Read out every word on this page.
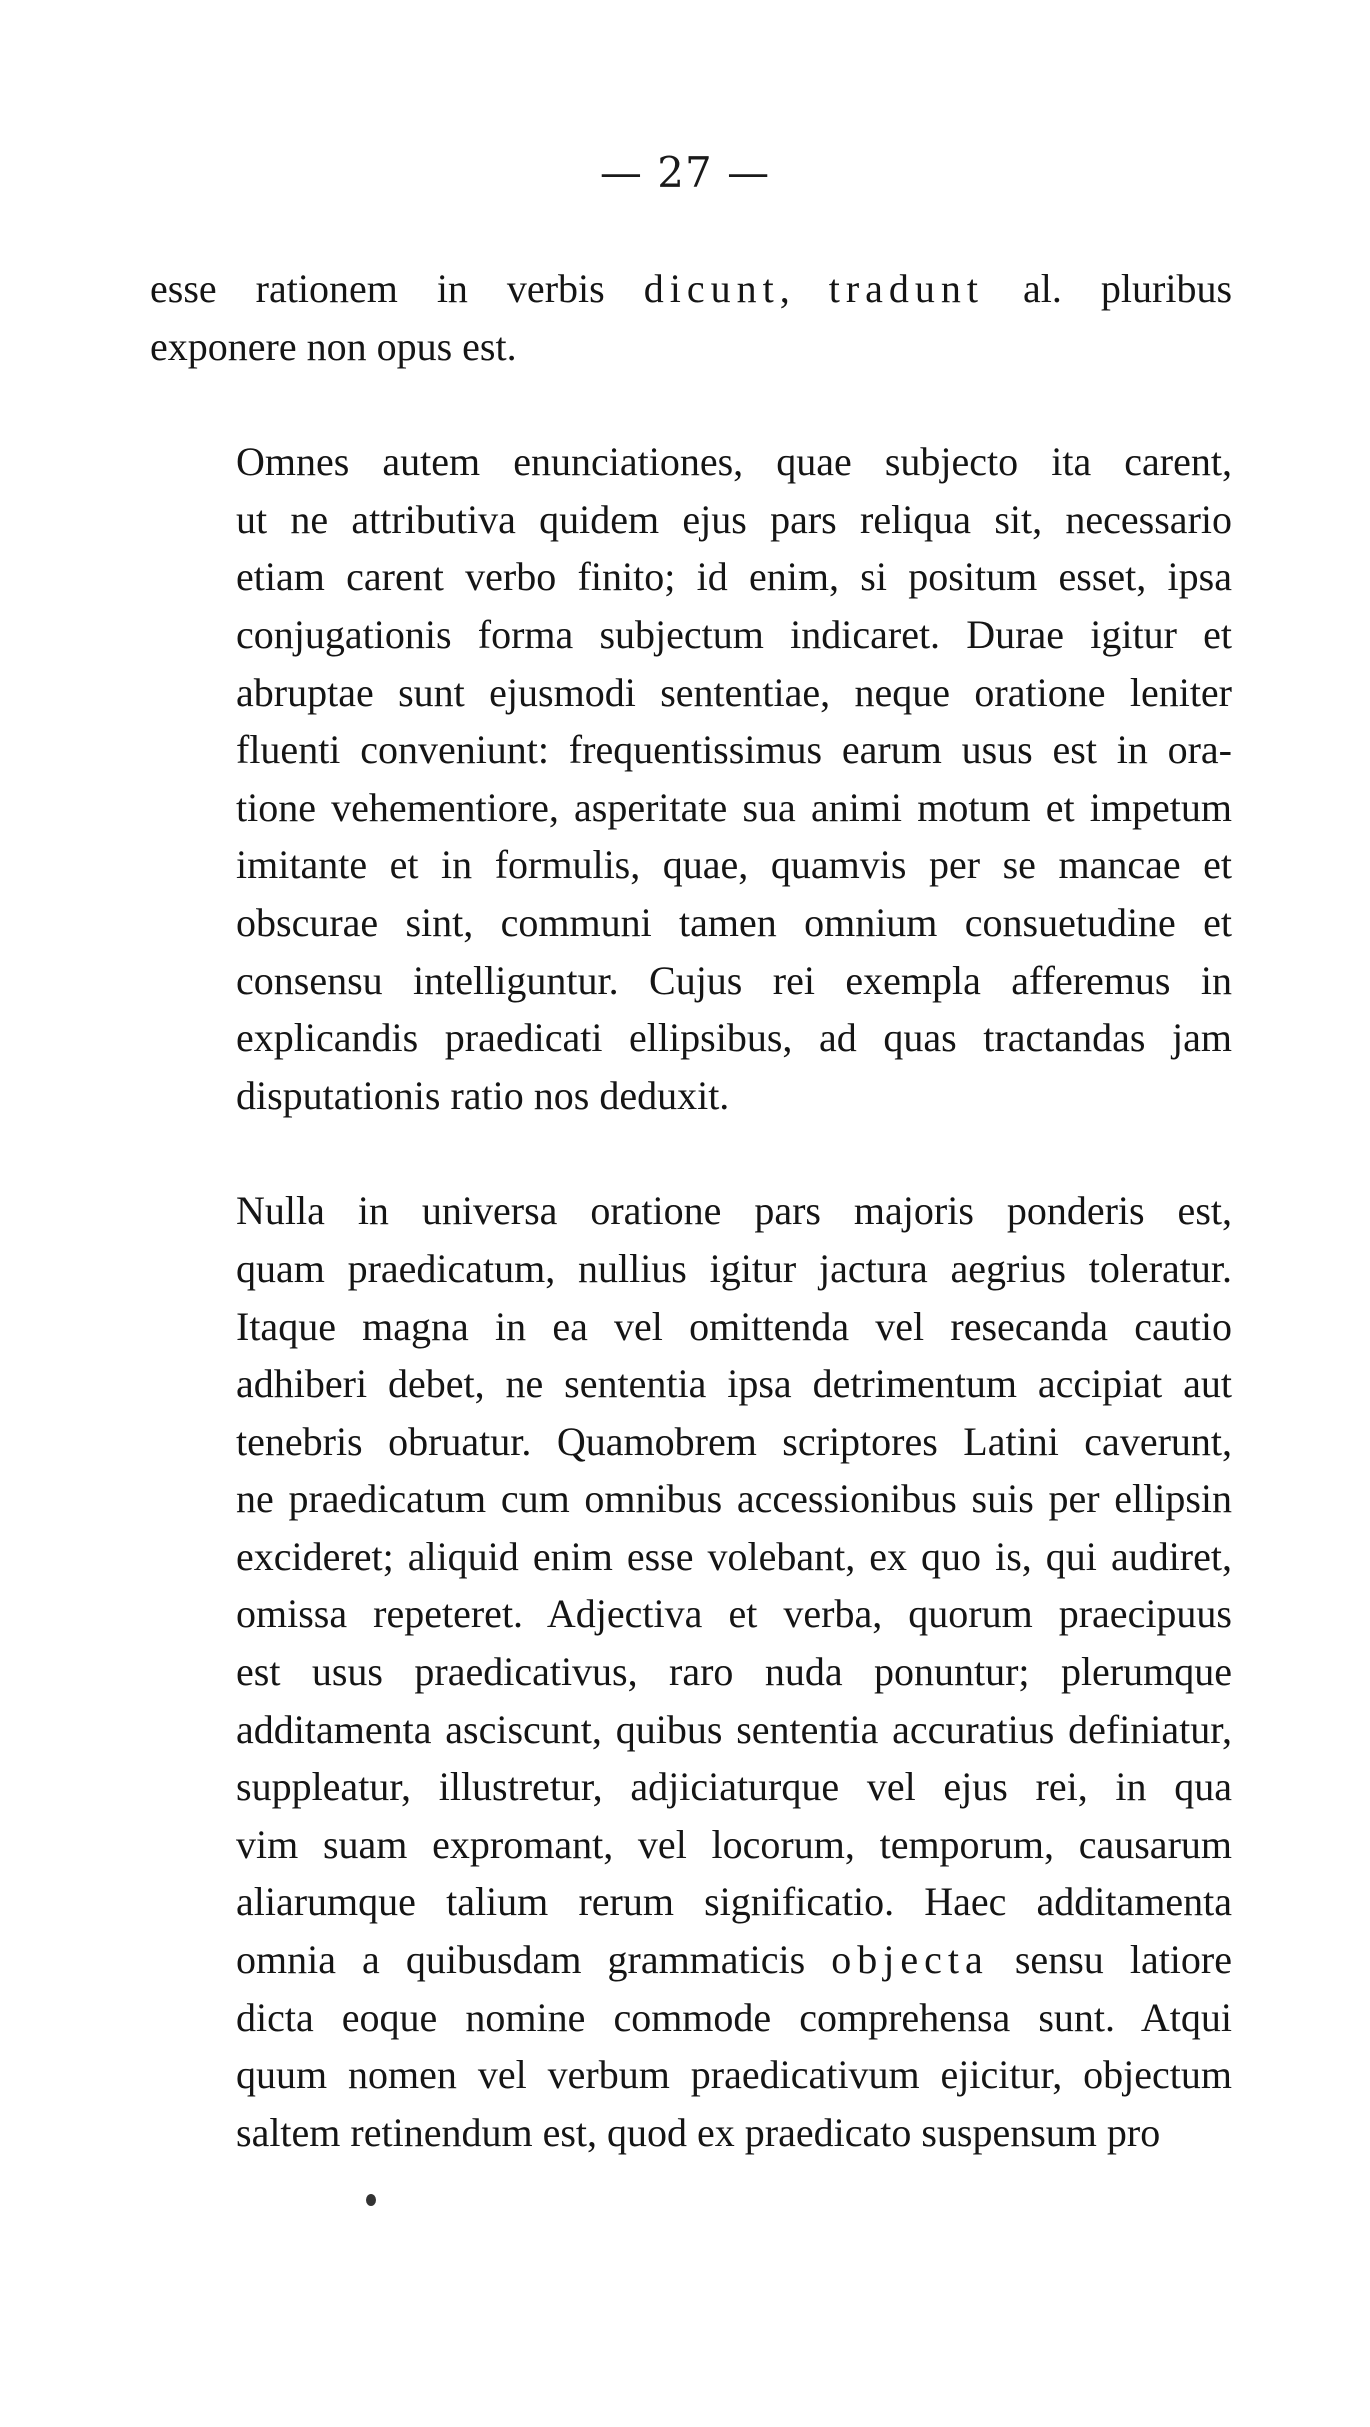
— 27 —
esse rationem in verbis dicunt, tradunt al. pluribus
exponere non opus est.
Omnes autem enunciationes, quae subjecto ita carent,
ut ne attributiva quidem ejus pars reliqua sit, necessario
etiam carent verbo finito; id enim, si positum esset, ipsa
conjugationis forma subjectum indicaret. Durae igitur et
abruptae sunt ejusmodi sententiae, neque oratione leniter
fluenti conveniunt: frequentissimus earum usus est in ora-
tione vehementiore, asperitate sua animi motum et impetum
imitante et in formulis, quae, quamvis per se mancae et
obscurae sint, communi tamen omnium consuetudine et
consensu intelliguntur. Cujus rei exempla afferemus in
explicandis praedicati ellipsibus, ad quas tractandas jam
disputationis ratio nos deduxit.
Nulla in universa oratione pars majoris ponderis est,
quam praedicatum, nullius igitur jactura aegrius toleratur.
Itaque magna in ea vel omittenda vel resecanda cautio
adhiberi debet, ne sententia ipsa detrimentum accipiat aut
tenebris obruatur. Quamobrem scriptores Latini caverunt,
ne praedicatum cum omnibus accessionibus suis per ellipsin
excideret; aliquid enim esse volebant, ex quo is, qui audiret,
omissa repeteret. Adjectiva et verba, quorum praecipuus
est usus praedicativus, raro nuda ponuntur; plerumque
additamenta asciscunt, quibus sententia accuratius definiatur,
suppleatur, illustretur, adjiciaturque vel ejus rei, in qua
vim suam expromant, vel locorum, temporum, causarum
aliarumque talium rerum significatio. Haec additamenta
omnia a quibusdam grammaticis objecta sensu latiore
dicta eoque nomine commode comprehensa sunt. Atqui
quum nomen vel verbum praedicativum ejicitur, objectum
saltem retinendum est, quod ex praedicato suspensum pro
